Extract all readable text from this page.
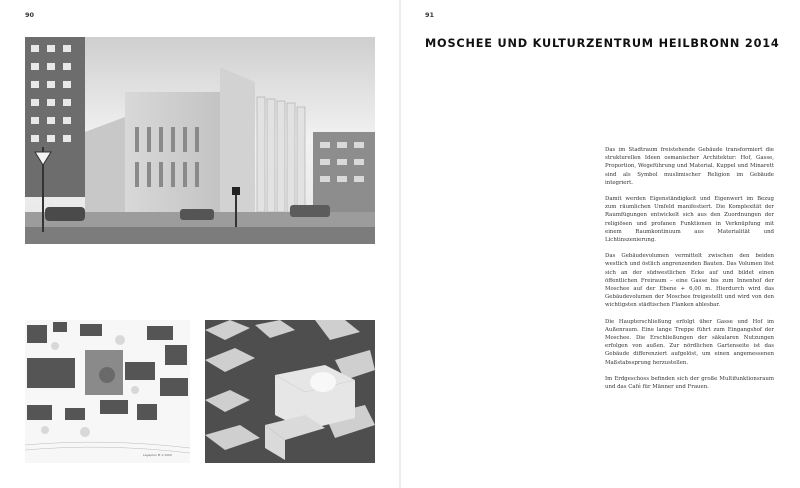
90
Lageplan M 1:1000
91
MOSCHEE UND KULTURZENTRUM HEILBRONN 2014

Das im Stadtraum freistehende Gebäude transformiert die strukturellen Ideen osmanischer Architektur: Hof, Gasse, Proportion, Wegeführung und Material. Kuppel und Minarett sind als Symbol muslimischer Religion im Gebäude integriert.

Damit werden Eigenständigkeit und Eigenwert im Bezug zum räumlichen Umfeld manifestiert. Die Komplexität der Raumfügungen entwickelt sich aus den Zuordnungen der religiösen und profanen Funktionen in Verknüpfung mit einem Raumkontinuum aus Materialität und Lichtinszenierung.

Das Gebäudevolumen vermittelt zwischen den beiden westlich und östlich angrenzenden Bauten. Das Volumen löst sich an der südwestlichen Ecke auf und bildet einen öffentlichen Freiraum – eine Gasse bis zum Innenhof der Moschee auf der Ebene + 6,00 m. Hierdurch wird das Gebäudevolumen der Moschee freigestellt und wird von den wichtigsten städtischen Flanken ablesbar.

Die Haupterschließung erfolgt über Gasse und Hof im Außenraum. Eine lange Treppe führt zum Eingangshof der Moschee. Die Erschließungen der säkularen Nutzungen erfolgen von außen. Zur nördlichen Gartenseite ist das Gebäude differenziert aufgelöst, um einen angemessenen Maßstabssprung herzustellen.

Im Erdgeschoss befinden sich der große Multifunktionsraum und das Café für Männer und Frauen.
